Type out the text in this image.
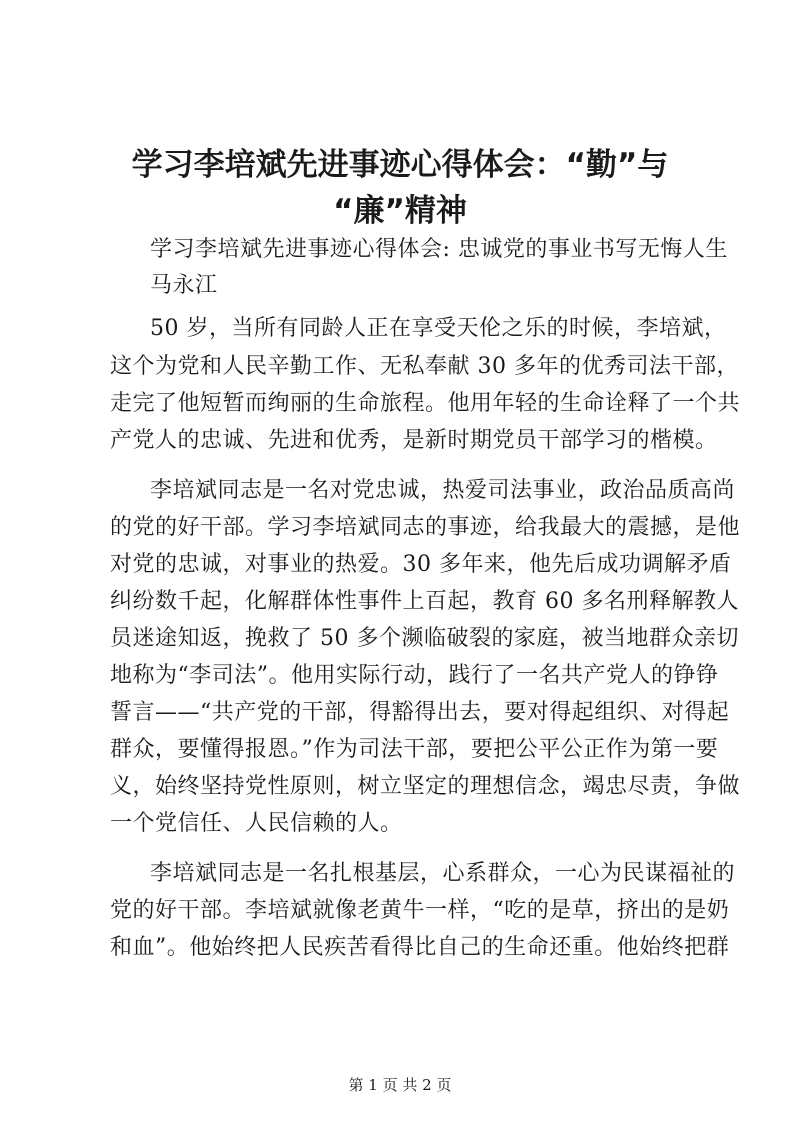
学习李培斌先进事迹心得体会：“勤”与
“廉”精神
学习李培斌先进事迹心得体会: 忠诚党的事业书写无悔人生
马永江
50 岁，当所有同龄人正在享受天伦之乐的时候，李培斌，
这个为党和人民辛勤工作、无私奉献 30 多年的优秀司法干部，
走完了他短暂而绚丽的生命旅程。他用年轻的生命诠释了一个共
产党人的忠诚、先进和优秀，是新时期党员干部学习的楷模。
李培斌同志是一名对党忠诚，热爱司法事业，政治品质高尚
的党的好干部。学习李培斌同志的事迹，给我最大的震撼，是他
对党的忠诚，对事业的热爱。30 多年来，他先后成功调解矛盾
纠纷数千起，化解群体性事件上百起，教育 60 多名刑释解教人
员迷途知返，挽救了 50 多个濒临破裂的家庭，被当地群众亲切
地称为“李司法”。他用实际行动，践行了一名共产党人的铮铮
誓言——“共产党的干部，得豁得出去，要对得起组织、对得起
群众，要懂得报恩。”作为司法干部，要把公平公正作为第一要
义，始终坚持党性原则，树立坚定的理想信念，竭忠尽责，争做
一个党信任、人民信赖的人。
李培斌同志是一名扎根基层，心系群众，一心为民谋福祉的
党的好干部。李培斌就像老黄牛一样，“吃的是草，挤出的是奶
和血”。他始终把人民疾苦看得比自己的生命还重。他始终把群
第 1 页 共 2 页
